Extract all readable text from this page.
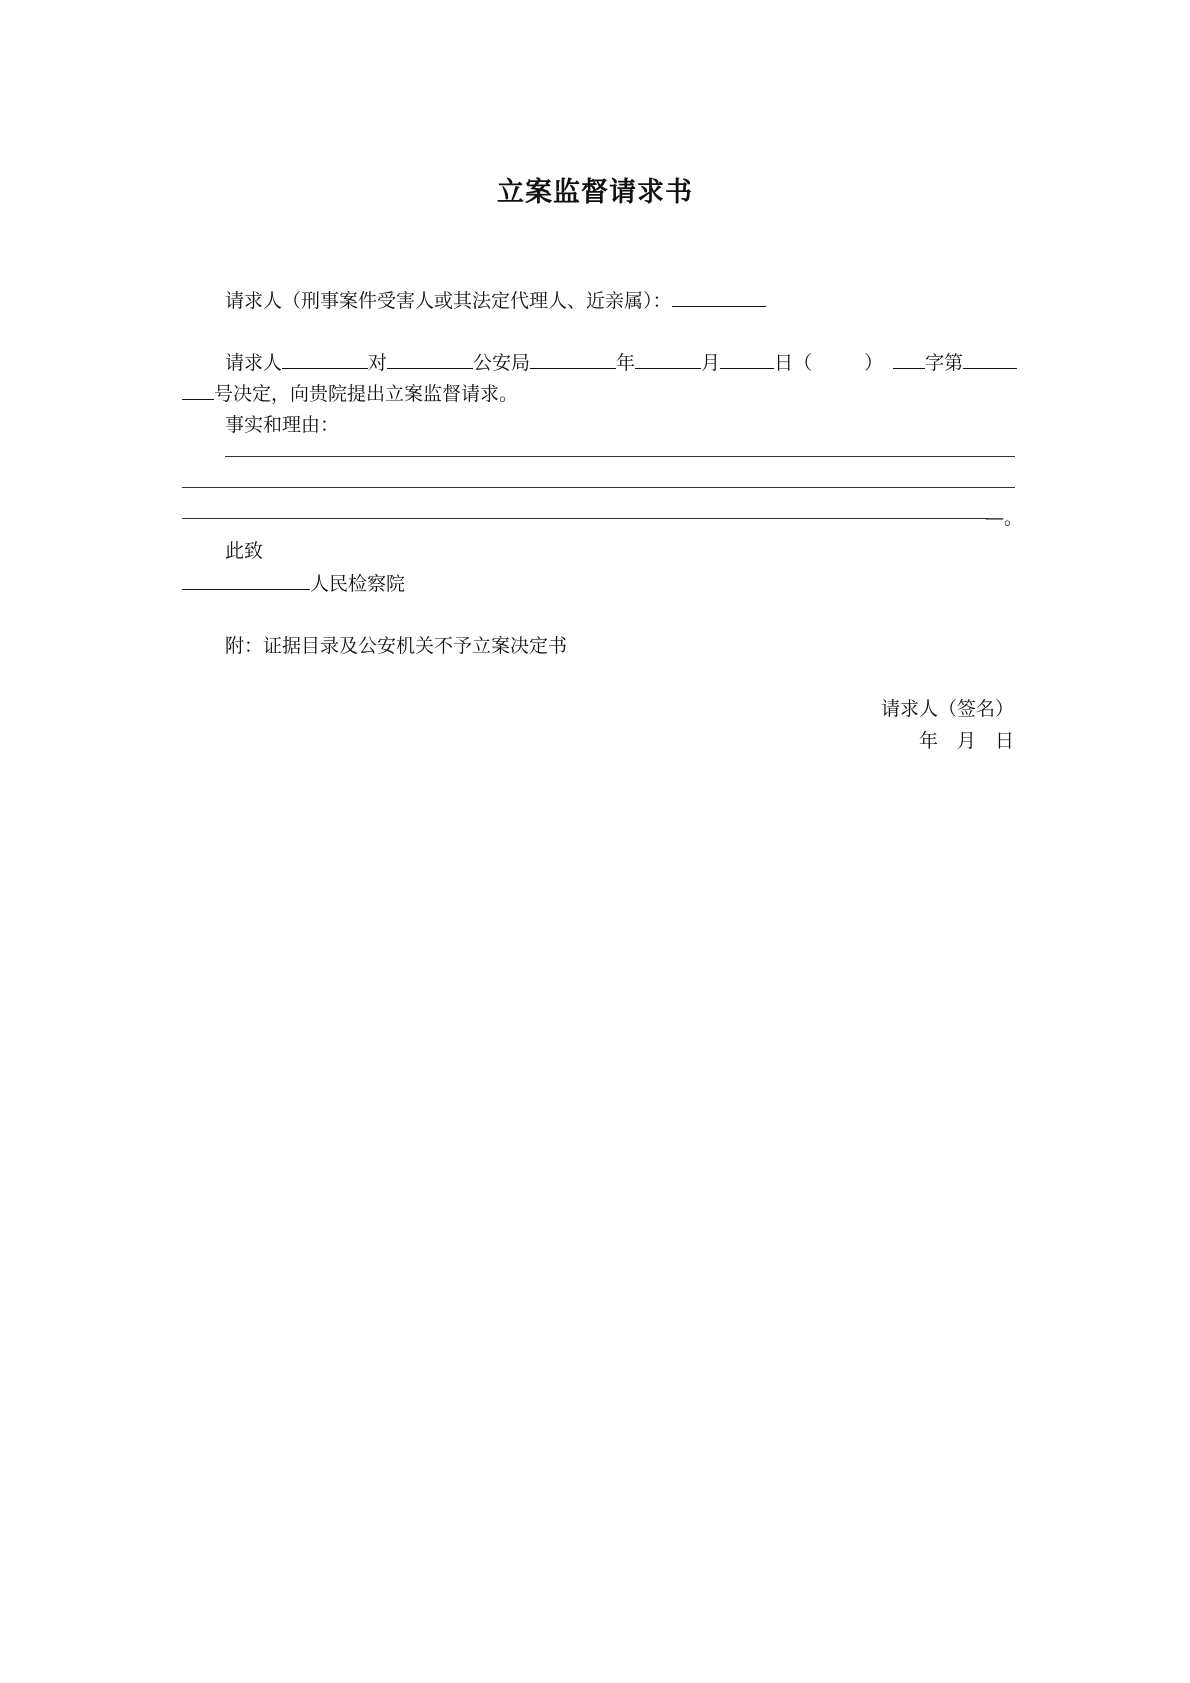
立案监督请求书
请求人（刑事案件受害人或其法定代理人、近亲属）：
请求人	对	公安局	年	月	日（	） 字第
号决定，向贵院提出立案监督请求。
事实和理由：
—。
此致
人民检察院
附：证据目录及公安机关不予立案决定书
请求人（签名）
年　月　日
